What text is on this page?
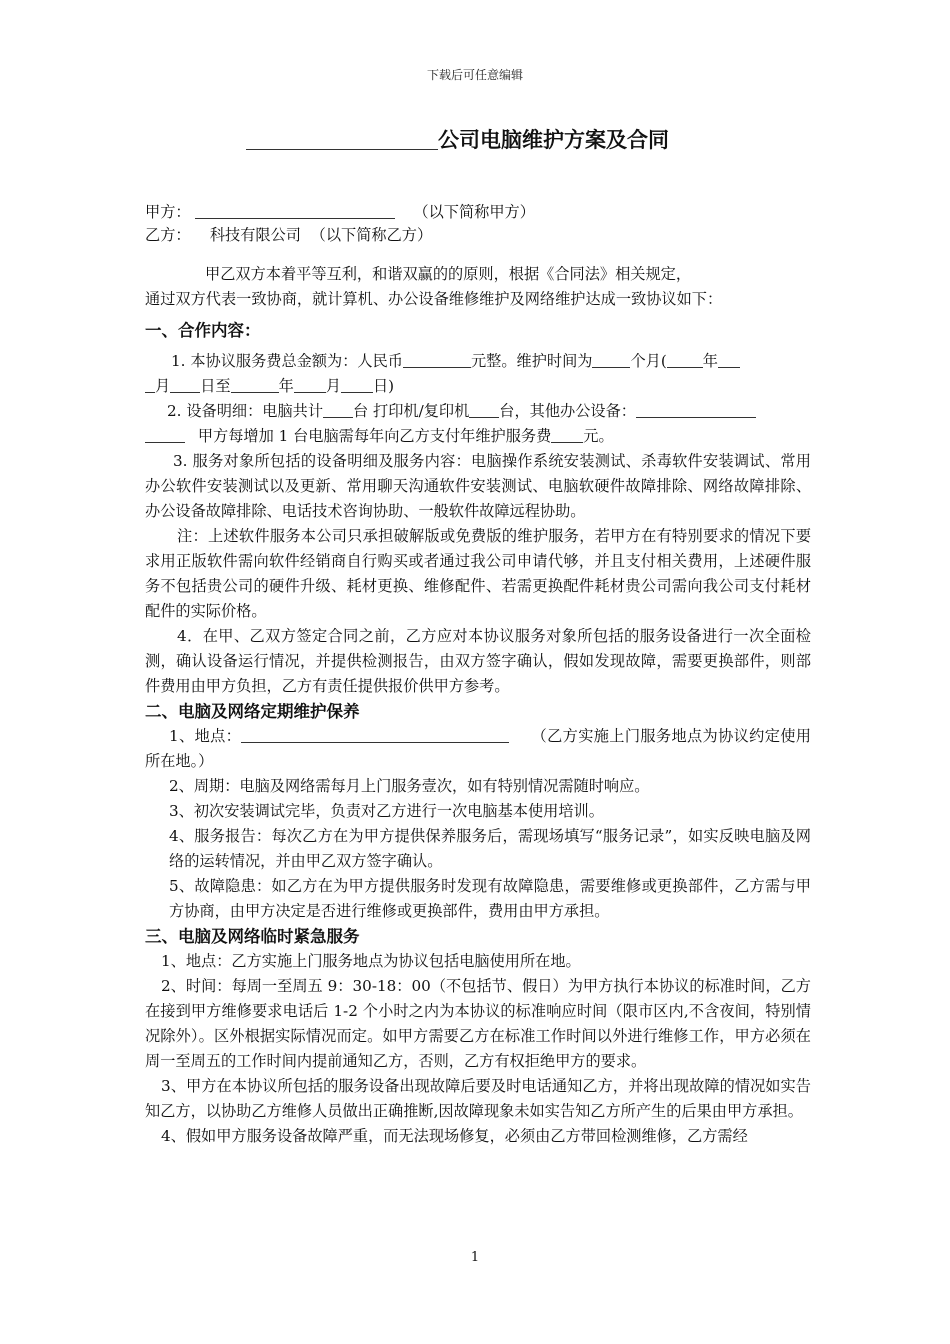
下载后可任意编辑
公司电脑维护方案及合同
甲方：	（以下简称甲方）
乙方：    科技有限公司  （以下简称乙方）
甲乙双方本着平等互利，和谐双赢的的原则，根据《合同法》相关规定，
通过双方代表一致协商，就计算机、办公设备维修维护及网络维护达成一致协议如下：
一、合作内容：
1. 本协议服务费总金额为：人民币	元整。维护时间为	个月( 年
月 日至	年 月 日)
2. 设备明细：电脑共计 台 打印机/复印机 台，其他办公设备：
甲方每增加 1 台电脑需每年向乙方支付年维护服务费 元。
3. 服务对象所包括的设备明细及服务内容：电脑操作系统安装测试、杀毒软件安装调试、常用办公软件安装测试以及更新、常用聊天沟通软件安装测试、电脑软硬件故障排除、网络故障排除、办公设备故障排除、电话技术咨询协助、一般软件故障远程协助。
注：上述软件服务本公司只承担破解版或免费版的维护服务，若甲方在有特别要求的情况下要求用正版软件需向软件经销商自行购买或者通过我公司申请代够，并且支付相关费用，上述硬件服务不包括贵公司的硬件升级、耗材更换、维修配件、若需更换配件耗材贵公司需向我公司支付耗材配件的实际价格。
4．在甲、乙双方签定合同之前，乙方应对本协议服务对象所包括的服务设备进行一次全面检测，确认设备运行情况，并提供检测报告，由双方签字确认，假如发现故障，需要更换部件，则部件费用由甲方负担，乙方有责任提供报价供甲方参考。
二、电脑及网络定期维护保养
1、地点：	（乙方实施上门服务地点为协议约定使用所在地。）
2、周期：电脑及网络需每月上门服务壹次，如有特别情况需随时响应。
3、初次安装调试完毕，负责对乙方进行一次电脑基本使用培训。
4、服务报告：每次乙方在为甲方提供保养服务后，需现场填写“服务记录”，如实反映电脑及网络的运转情况，并由甲乙双方签字确认。
5、故障隐患：如乙方在为甲方提供服务时发现有故障隐患，需要维修或更换部件，乙方需与甲方协商，由甲方决定是否进行维修或更换部件，费用由甲方承担。
三、电脑及网络临时紧急服务
1、地点：乙方实施上门服务地点为协议包括电脑使用所在地。
2、时间：每周一至周五 9：30-18：00（不包括节、假日）为甲方执行本协议的标准时间，乙方在接到甲方维修要求电话后 1-2 个小时之内为本协议的标准响应时间（限市区内,不含夜间，特别情况除外）。区外根据实际情况而定。如甲方需要乙方在标准工作时间以外进行维修工作，甲方必须在周一至周五的工作时间内提前通知乙方，否则，乙方有权拒绝甲方的要求。
3、甲方在本协议所包括的服务设备出现故障后要及时电话通知乙方，并将出现故障的情况如实告知乙方，以协助乙方维修人员做出正确推断,因故障现象未如实告知乙方所产生的后果由甲方承担。
4、假如甲方服务设备故障严重，而无法现场修复，必须由乙方带回检测维修，乙方需经
1
